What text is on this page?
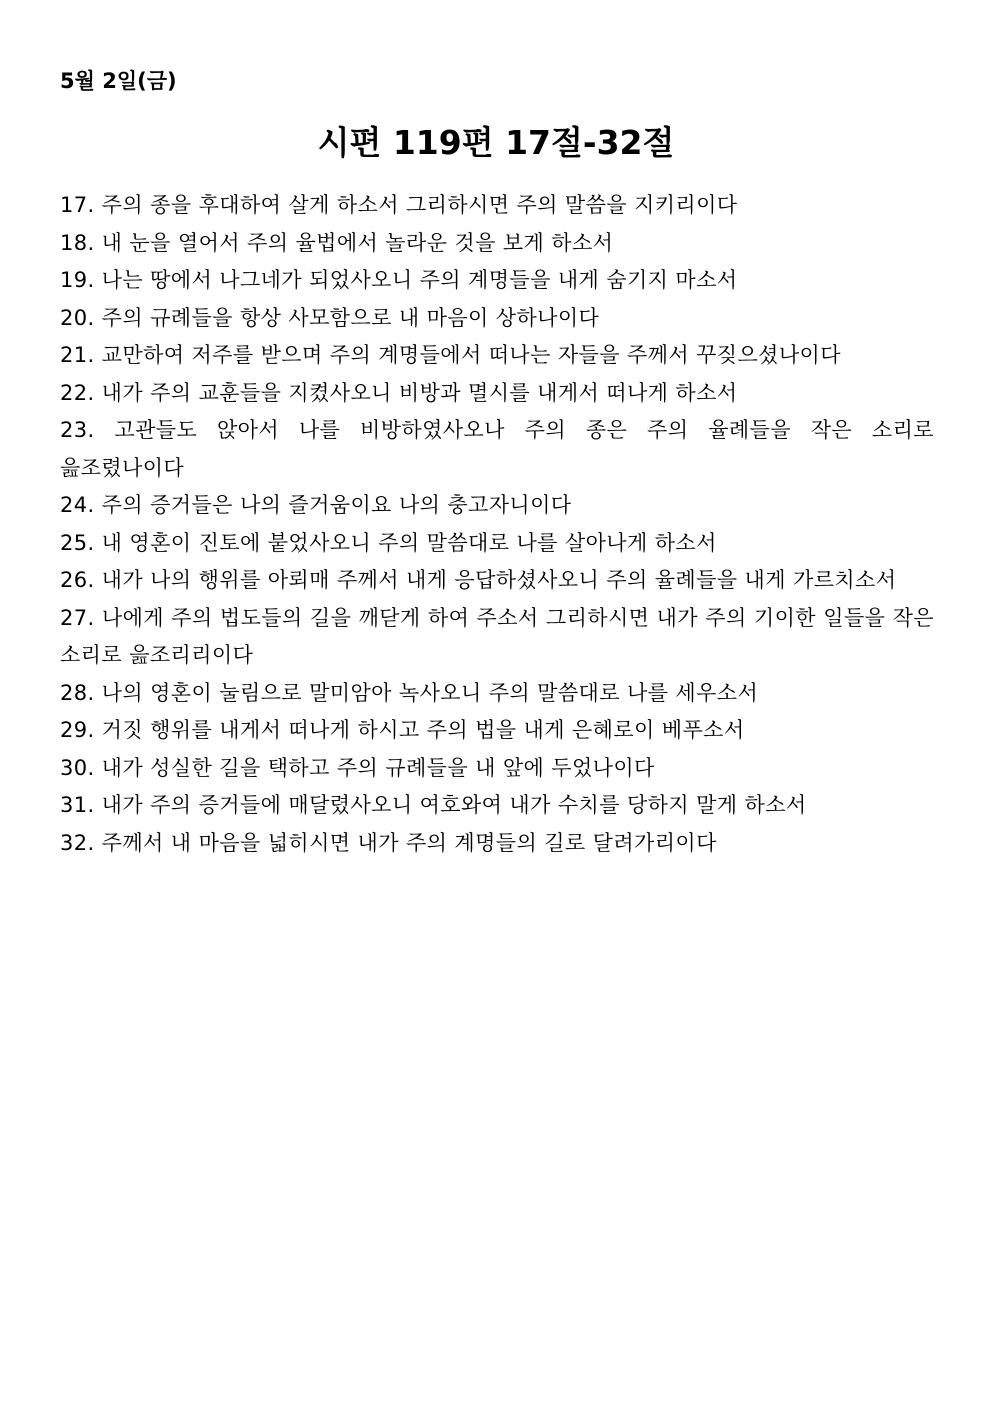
5월 2일(금)
시편 119편 17절-32절
17. 주의 종을 후대하여 살게 하소서 그리하시면 주의 말씀을 지키리이다
18. 내 눈을 열어서 주의 율법에서 놀라운 것을 보게 하소서
19. 나는 땅에서 나그네가 되었사오니 주의 계명들을 내게 숨기지 마소서
20. 주의 규례들을 항상 사모함으로 내 마음이 상하나이다
21. 교만하여 저주를 받으며 주의 계명들에서 떠나는 자들을 주께서 꾸짖으셨나이다
22. 내가 주의 교훈들을 지켰사오니 비방과 멸시를 내게서 떠나게 하소서
23. 고관들도 앉아서 나를 비방하였사오나 주의 종은 주의 율례들을 작은 소리로 읊조렸나이다
24. 주의 증거들은 나의 즐거움이요 나의 충고자니이다
25. 내 영혼이 진토에 붙었사오니 주의 말씀대로 나를 살아나게 하소서
26. 내가 나의 행위를 아뢰매 주께서 내게 응답하셨사오니 주의 율례들을 내게 가르치소서
27. 나에게 주의 법도들의 길을 깨닫게 하여 주소서 그리하시면 내가 주의 기이한 일들을 작은 소리로 읊조리리이다
28. 나의 영혼이 눌림으로 말미암아 녹사오니 주의 말씀대로 나를 세우소서
29. 거짓 행위를 내게서 떠나게 하시고 주의 법을 내게 은혜로이 베푸소서
30. 내가 성실한 길을 택하고 주의 규례들을 내 앞에 두었나이다
31. 내가 주의 증거들에 매달렸사오니 여호와여 내가 수치를 당하지 말게 하소서
32. 주께서 내 마음을 넓히시면 내가 주의 계명들의 길로 달려가리이다
